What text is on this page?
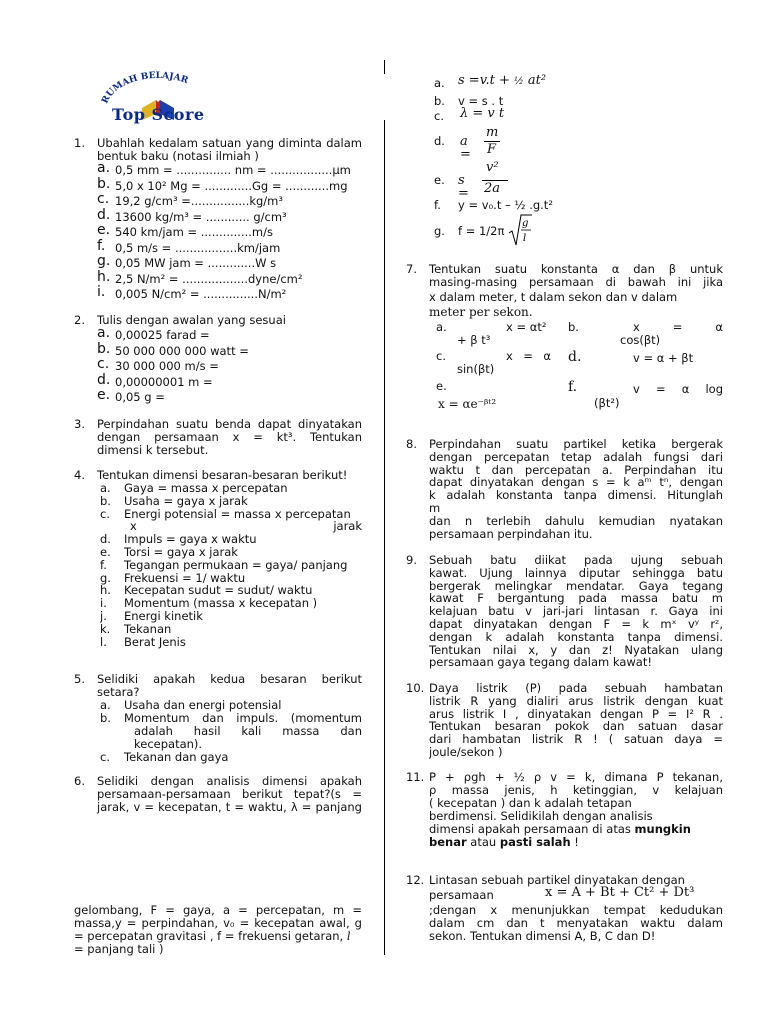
RUMAH BELAJAR
Top Score
1.	Ubahlah kedalam satuan yang diminta dalam bentuk baku (notasi ilmiah )
a. 0,5 mm = ............... nm = .................μm
b. 5,0 x 10² Mg = .............Gg = ............mg
c. 19,2 g/cm³ =................kg/m³
d. 13600 kg/m³ = ............ g/cm³
e. 540 km/jam = ..............m/s
f. 0,5 m/s = .................km/jam
g. 0,05 MW jam = .............W s
h. 2,5 N/m² = ..................dyne/cm²
i. 0,005 N/cm² = ...............N/m²
2.	Tulis dengan awalan yang sesuai
a. 0,00025 farad =
b. 50 000 000 000 watt =
c. 30 000 000 m/s =
d. 0,00000001 m =
e. 0,05 g =
3.	Perpindahan suatu benda dapat dinyatakan
dengan persamaan x = kt³. Tentukan
dimensi k tersebut.
4.	Tentukan dimensi besaran-besaran berikut!
a. Gaya = massa x percepatan
b. Usaha = gaya x jarak
c. Energi potensial = massa x percepatan
x jarak
d. Impuls = gaya x waktu
e. Torsi = gaya x jarak
f. Tegangan permukaan = gaya/ panjang
g. Frekuensi = 1/ waktu
h. Kecepatan sudut = sudut/ waktu
i. Momentum (massa x kecepatan )
j. Energi kinetik
k. Tekanan
l. Berat Jenis
5.	Selidiki apakah kedua besaran berikut
setara?
a. Usaha dan energi potensial
b. Momentum dan impuls. (momentum
adalah hasil kali massa dan
kecepatan).
c. Tekanan dan gaya
6.	Selidiki dengan analisis dimensi apakah
persamaan-persamaan berikut tepat?(s =
jarak, v = kecepatan, t = waktu, λ = panjang
gelombang, F = gaya, a = percepatan, m =
massa,y = perpindahan, v₀ = kecepatan awal, g
= percepatan gravitasi , f = frekuensi getaran, l
= panjang tali )
a. s =v.t + ½ at²
b. v = s . t
c. λ = v t
d. a =
m
F
e. s =
v²
2a
f. y = v₀.t – ½ .g.t²
g. f = 1/2π
g
l
7.	Tentukan suatu konstanta α dan β untuk
masing-masing persamaan di bawah ini jika
x dalam meter, t dalam sekon dan v dalam
meter per sekon.
a.	x = αt²
+ β t³
b.	x = α
cos(βt)
c.	x = α
sin(βt)
d.	v = α + βt
e.
x = αe⁻ᵝᵗ²
f.	v = α log
(βt²)
8.	Perpindahan suatu partikel ketika bergerak
dengan percepatan tetap adalah fungsi dari
waktu t dan percepatan a. Perpindahan itu
dapat dinyatakan dengan s = k aᵐ tⁿ, dengan
k adalah konstanta tanpa dimensi. Hitunglah
m
dan n terlebih dahulu kemudian nyatakan
persamaan perpindahan itu.
9.	Sebuah batu diikat pada ujung sebuah
kawat. Ujung lainnya diputar sehingga batu
bergerak melingkar mendatar. Gaya tegang
kawat F bergantung pada massa batu m
kelajuan batu v jari-jari lintasan r. Gaya ini
dapat dinyatakan dengan F = k mˣ vʸ rᶻ,
dengan k adalah konstanta tanpa dimensi.
Tentukan nilai x, y dan z! Nyatakan ulang
persamaan gaya tegang dalam kawat!
10. Daya listrik (P) pada sebuah hambatan
listrik R yang dialiri arus listrik dengan kuat
arus listrik I , dinyatakan dengan P = I² R .
Tentukan besaran pokok dan satuan dasar
dari hambatan listrik R ! ( satuan daya =
joule/sekon )
11. P + ρgh + ½ ρ v = k, dimana P tekanan,
ρ massa jenis, h ketinggian, v kelajuan
( kecepatan ) dan k adalah tetapan
berdimensi. Selidikilah dengan analisis
dimensi apakah persamaan di atas mungkin
benar atau pasti salah !
12. Lintasan sebuah partikel dinyatakan dengan
persamaan	x = A + Bt + Ct² + Dt³
;dengan x menunjukkan tempat kedudukan
dalam cm dan t menyatakan waktu dalam
sekon. Tentukan dimensi A, B, C dan D!
